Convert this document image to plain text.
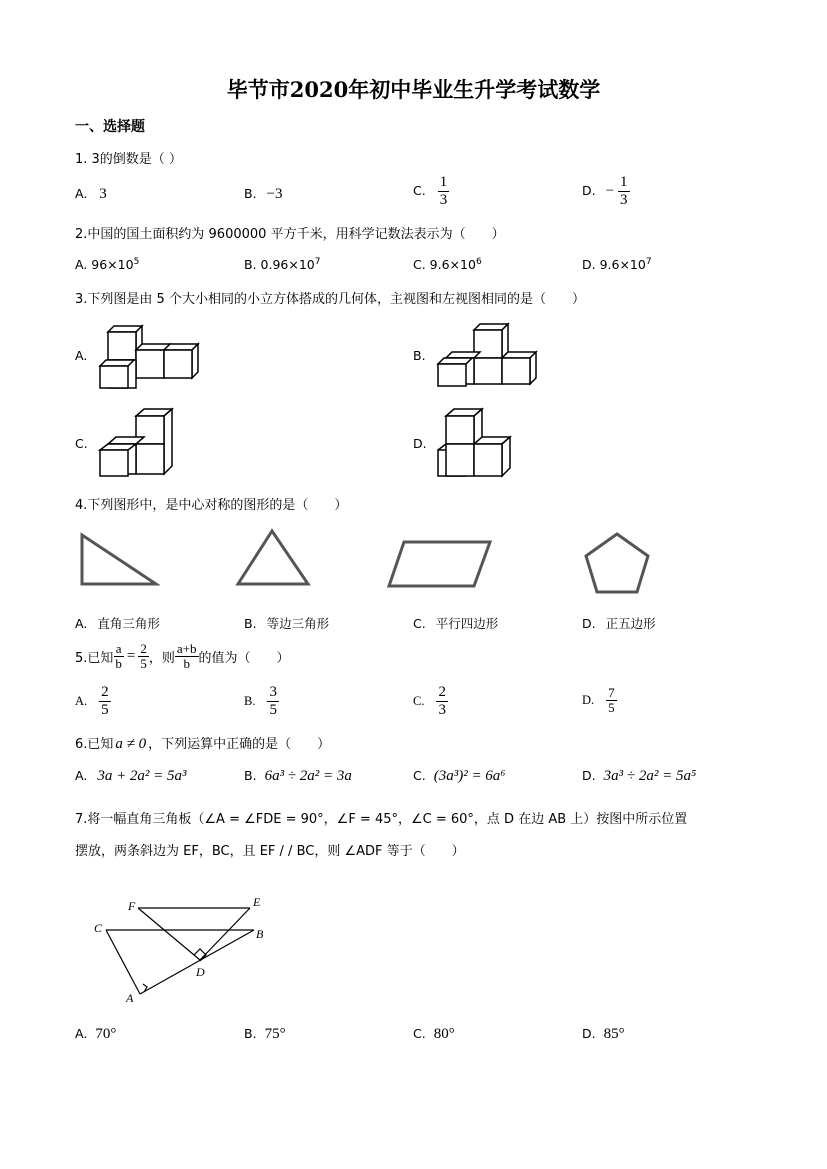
毕节市2020年初中毕业生升学考试数学
一、选择题
1. 3的倒数是（ ）
A. 3	B. −3	C. $\frac{1}{3}$	D. − $\frac{1}{3}$
2.中国的国土面积约为 9600000 平方千米，用科学记数法表示为（　　）
A. $96\times 10^5$	B. $0.96\times 10^7$	C. $9.6\times 10^6$	D. $9.6\times 10^7$
3.下列图是由 5 个大小相同的小立方体搭成的几何体，主视图和左视图相同的是（　　）
A.	B.
C.	D.
4.下列图形中，是中心对称的图形的是（　　）
A. 直角三角形	B. 等边三角形	C. 平行四边形	D. 正五边形
5.已知 $\frac{a}{b} = \frac{2}{5}$ ，则 $\frac{a+b}{b}$ 的值为（　　）
A. $\frac{2}{5}$	B. $\frac{3}{5}$	C. $\frac{2}{3}$	D. $\frac{7}{5}$
6.已知 a ≠ 0 ，下列运算中正确的是（　　）
A. 3a + 2a² = 5a³	B. 6a³ ÷ 2a² = 3a	C. (3a³)² = 6a⁶	D. 3a³ ÷ 2a² = 5a⁵
7.将一幅直角三角板（∠A = ∠FDE = 90°，∠F = 45°，∠C = 60°，点 D 在边 AB 上）按图中所示位置
摆放，两条斜边为 EF，BC，且 EF / / BC，则 ∠ADF 等于（　　）
F	E
C	B
D
A
A. 70°	B. 75°	C. 80°	D. 85°
